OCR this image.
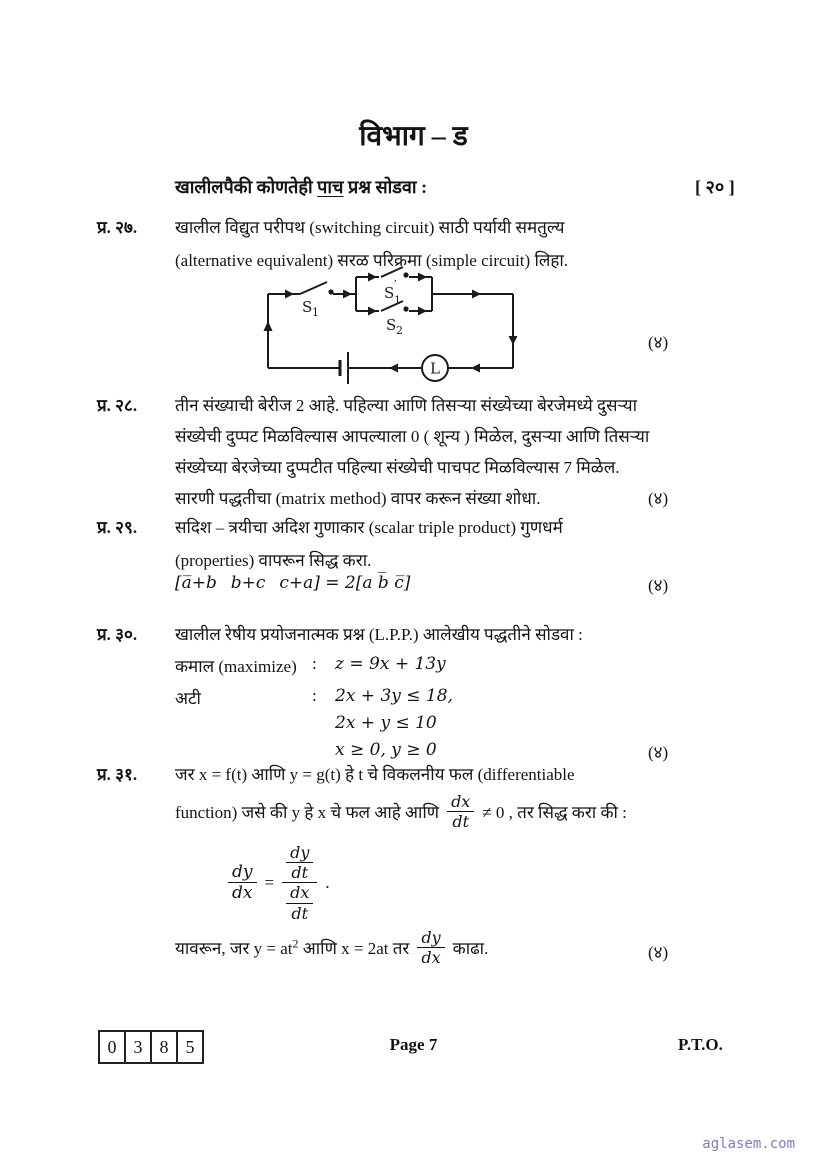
विभाग – ड
खालीलपैकी कोणतेही पाच प्रश्न सोडवा :	[ २० ]
प्र. २७. खालील विद्युत परीपथ (switching circuit) साठी पर्यायी समतुल्य
(alternative equivalent) सरळ परिक्रमा (simple circuit) लिहा.
L
S 1
S ′
1
S 2
(४)
प्र. २८. तीन संख्याची बेरीज 2 आहे. पहिल्या आणि तिसऱ्या संख्येच्या बेरजेमध्ये दुसऱ्या
संख्येची दुप्पट मिळविल्यास आपल्याला 0 ( शून्य ) मिळेल, दुसऱ्या आणि तिसऱ्या
संख्येच्या बेरजेच्या दुप्पटीत पहिल्या संख्येची पाचपट मिळविल्यास 7 मिळेल.
सारणी पद्धतीचा (matrix method) वापर करून संख्या शोधा.	(४)
प्र. २९. सदिश – त्रयीचा अदिश गुणाकार (scalar triple product) गुणधर्म
(properties) वापरून सिद्ध करा.
[a̅+b  b+c  c+a] = 2[a b̅ c̅]	(४)
प्र. ३०. खालील रेषीय प्रयोजनात्मक प्रश्न (L.P.P.) आलेखीय पद्धतीने सोडवा :
कमाल (maximize) :	z = 9x + 13y
अटी	:	2x + 3y ≤ 18,
2x + y ≤ 10
x ≥ 0, y ≥ 0	(४)
प्र. ३१. जर x = f(t) आणि y = g(t) हे t चे विकलनीय फल (differentiable
function) जसे की y हे x चे फल आहे आणि $\frac{dx}{dt} \ne 0$ , तर सिद्ध करा की :
$\frac{dy}{dx} = \frac{\frac{dy}{dt}}{\frac{dx}{dt}}$ .
यावरून, जर $y = at^2$ आणि x = 2at तर $\frac{dy}{dx}$ काढा.	(४)
0 3 8 5	Page 7	P.T.O.
aglasem.com
